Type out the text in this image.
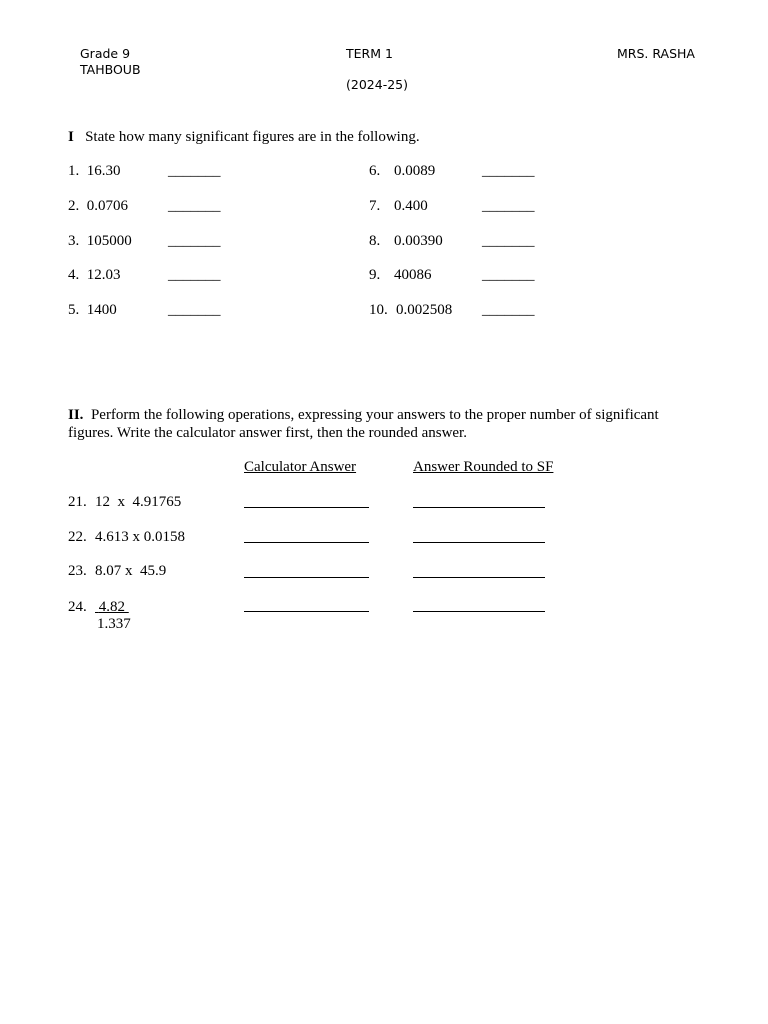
Grade 9
TAHBOUB
TERM 1
(2024-25)
MRS. RASHA
I State how many significant figures are in the following.
1. 16.30	_______
2. 0.0706	_______
3. 105000 _______
4. 12.03	_______
5. 1400	_______
6. 0.0089	_______
7. 0.400	_______
8. 0.00390	_______
9. 40086	_______
10. 0.002508 _______
II. Perform the following operations, expressing your answers to the proper number of significant figures. Write the calculator answer first, then the rounded answer.
Calculator Answer	Answer Rounded to SF
21. 12  x  4.91765
22. 4.613 x 0.0158
23. 8.07 x  45.9
24. 4.82
1.337
